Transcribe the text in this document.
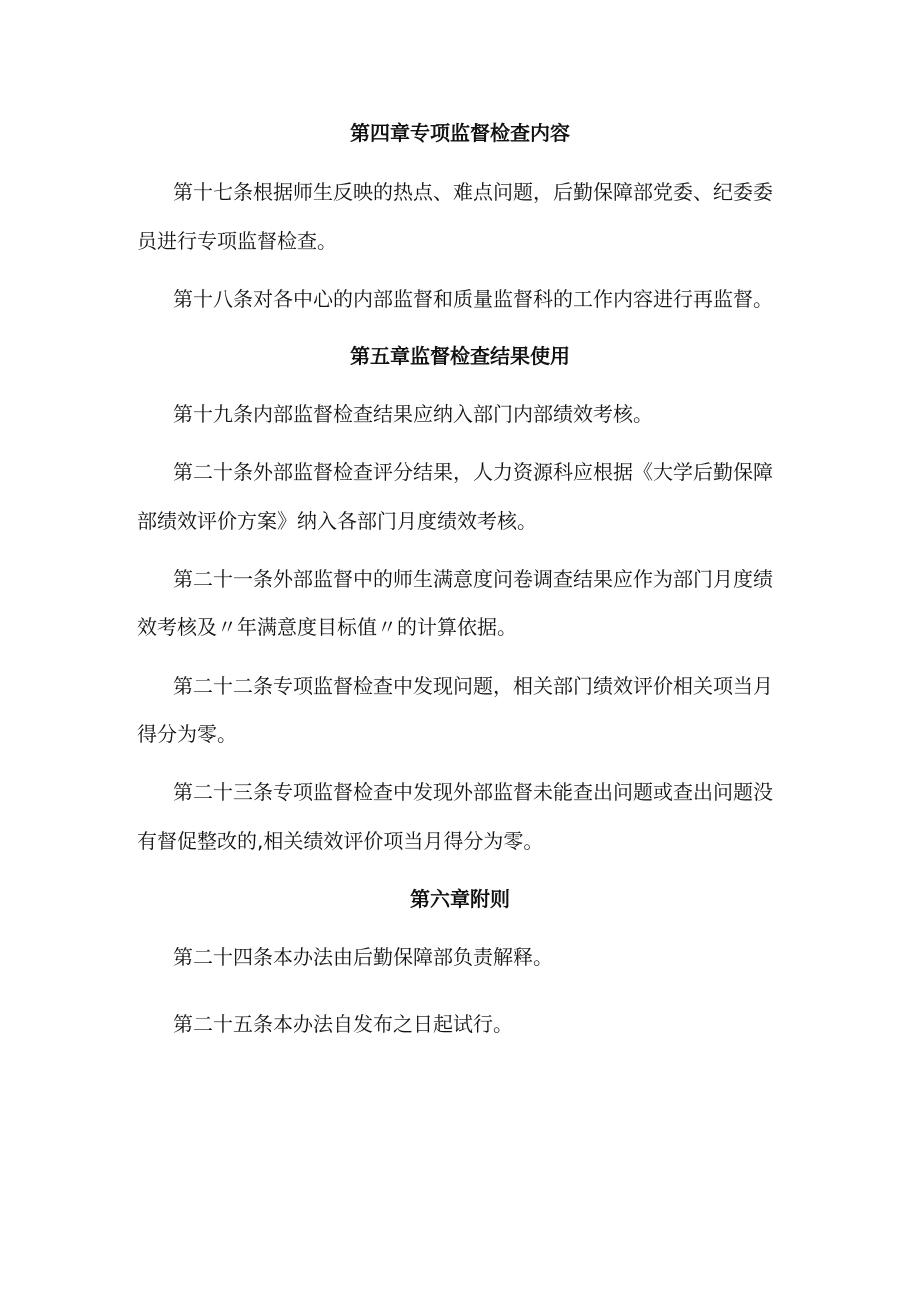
第四章专项监督检查内容
第十七条根据师生反映的热点、难点问题，后勤保障部党委、纪委委
员进行专项监督检查。
第十八条对各中心的内部监督和质量监督科的工作内容进行再监督。
第五章监督检查结果使用
第十九条内部监督检查结果应纳入部门内部绩效考核。
第二十条外部监督检查评分结果，人力资源科应根据《大学后勤保障
部绩效评价方案》纳入各部门月度绩效考核。
第二十一条外部监督中的师生满意度问卷调查结果应作为部门月度绩
效考核及〃年满意度目标值〃的计算依据。
第二十二条专项监督检查中发现问题，相关部门绩效评价相关项当月
得分为零。
第二十三条专项监督检查中发现外部监督未能查出问题或查出问题没
有督促整改的,相关绩效评价项当月得分为零。
第六章附则
第二十四条本办法由后勤保障部负责解释。
第二十五条本办法自发布之日起试行。
